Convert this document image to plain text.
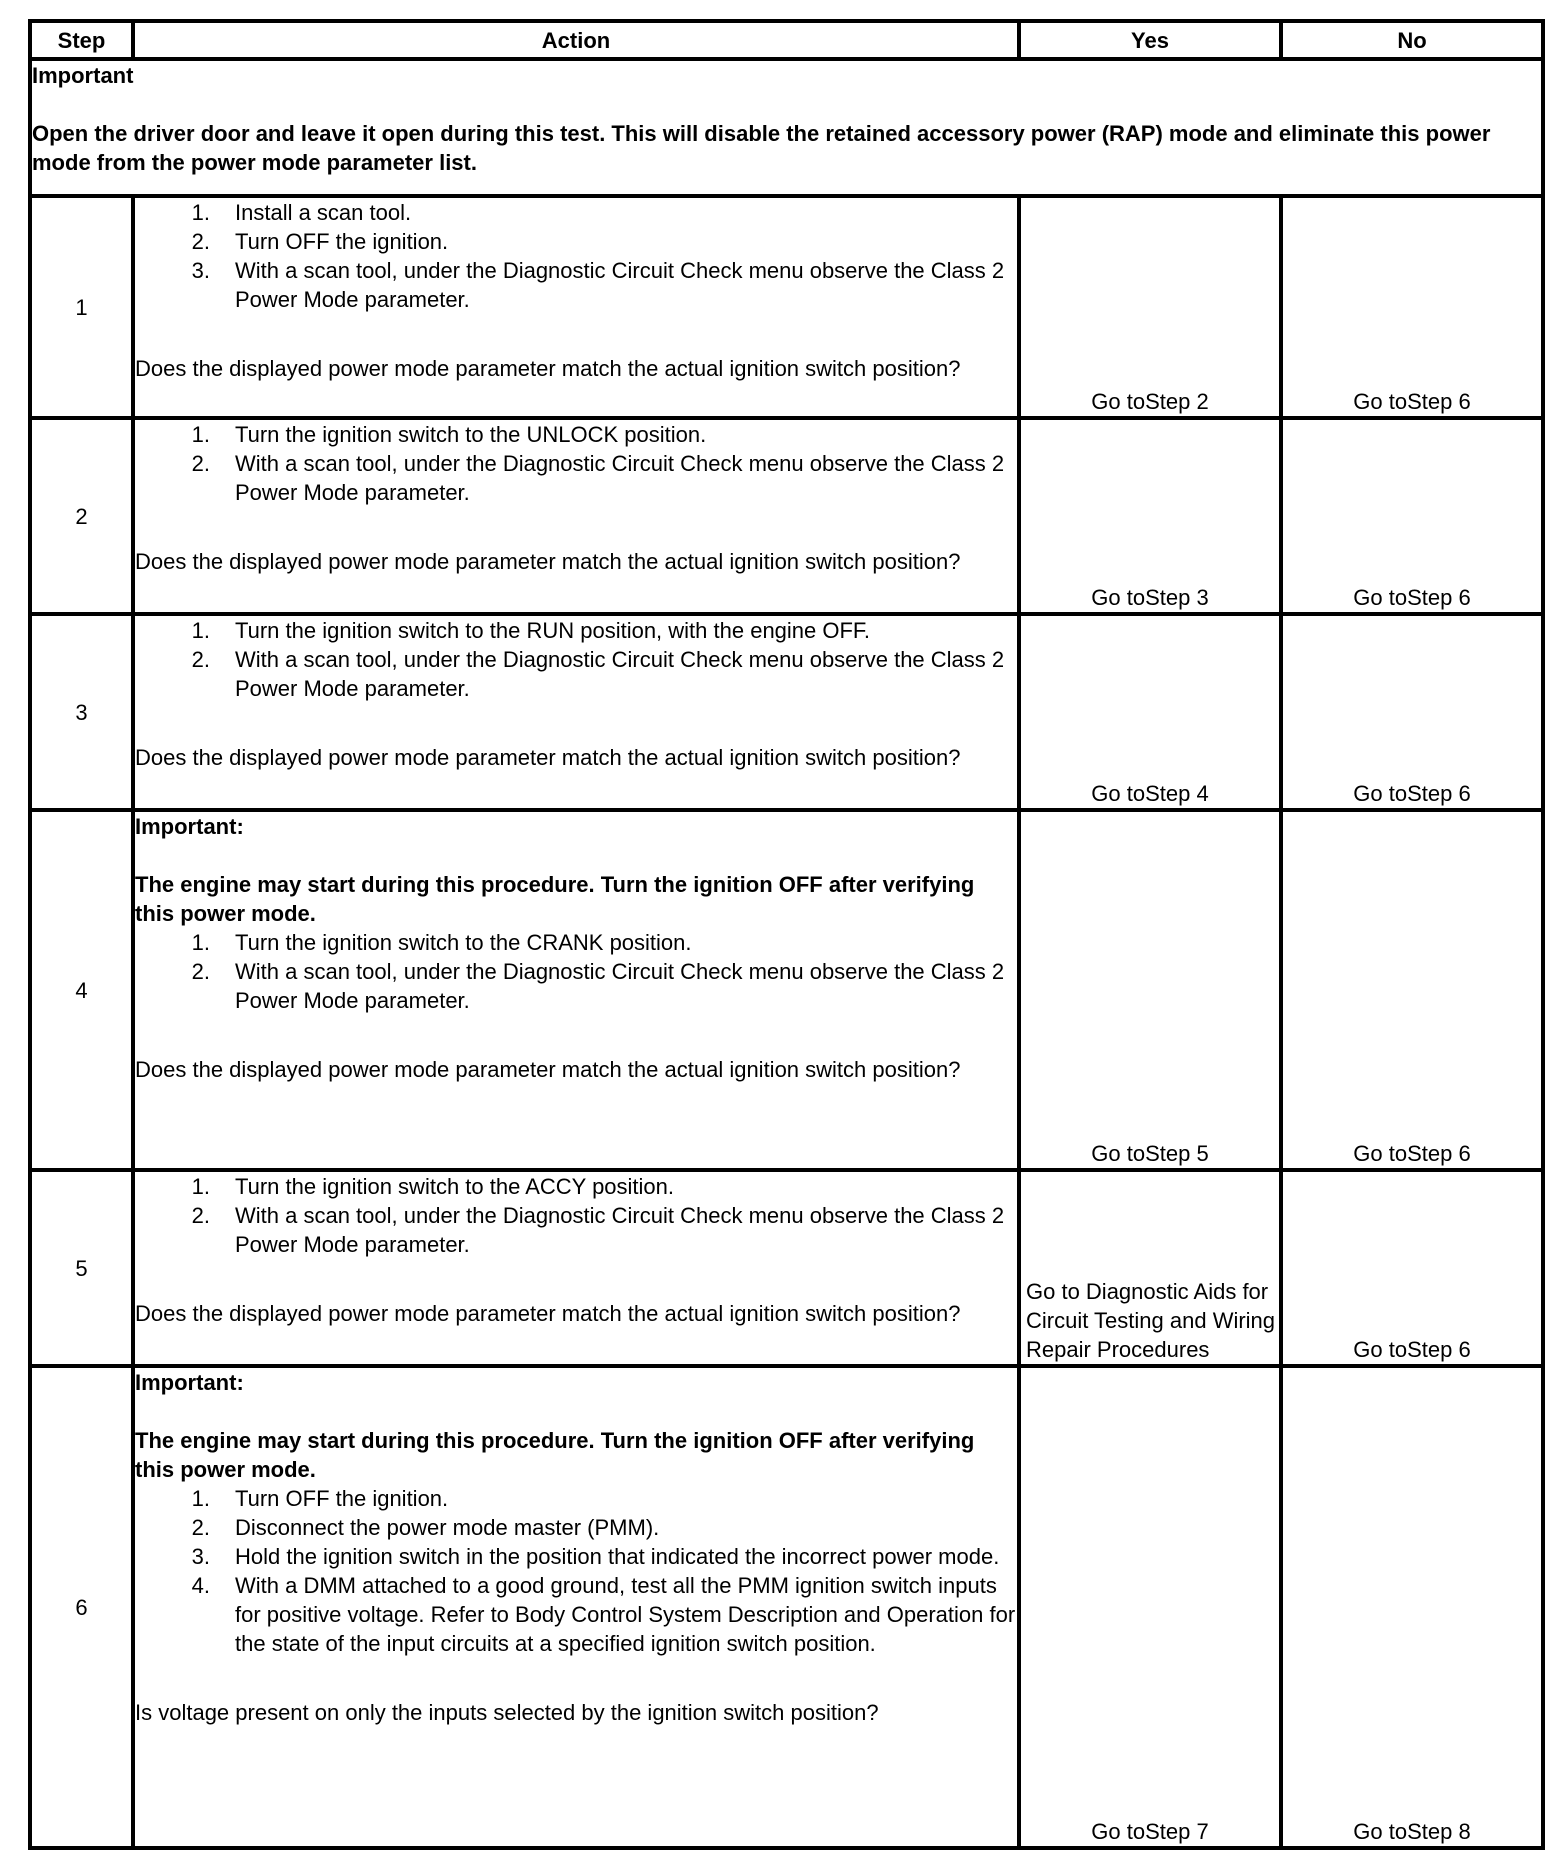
Step	Action	Yes	No

Important

Open the driver door and leave it open during this test. This will disable the retained accessory power (RAP) mode and eliminate this power mode from the power mode parameter list.			

1	
1. Install a scan tool.
2. Turn OFF the ignition.
3. With a scan tool, under the Diagnostic Circuit Check menu observe the Class 2 Power Mode parameter.
Does the displayed power mode parameter match the actual ignition switch position?
	Go toStep 2	Go toStep 6
2	
1. Turn the ignition switch to the UNLOCK position.
2. With a scan tool, under the Diagnostic Circuit Check menu observe the Class 2 Power Mode parameter.
Does the displayed power mode parameter match the actual ignition switch position?
	Go toStep 3	Go toStep 6
3	
1. Turn the ignition switch to the RUN position, with the engine OFF.
2. With a scan tool, under the Diagnostic Circuit Check menu observe the Class 2 Power Mode parameter.
Does the displayed power mode parameter match the actual ignition switch position?
	Go toStep 4	Go toStep 6
4	

Important:

The engine may start during this procedure. Turn the ignition OFF after verifying this power mode.

1. Turn the ignition switch to the CRANK position.
2. With a scan tool, under the Diagnostic Circuit Check menu observe the Class 2 Power Mode parameter.
Does the displayed power mode parameter match the actual ignition switch position?
	Go toStep 5	Go toStep 6
5	
1. Turn the ignition switch to the ACCY position.
2. With a scan tool, under the Diagnostic Circuit Check menu observe the Class 2 Power Mode parameter.
Does the displayed power mode parameter match the actual ignition switch position?
	Go to Diagnostic Aids for Circuit Testing and Wiring Repair Procedures	Go toStep 6
6	

Important:

The engine may start during this procedure. Turn the ignition OFF after verifying this power mode.

1. Turn OFF the ignition.
2. Disconnect the power mode master (PMM).
3. Hold the ignition switch in the position that indicated the incorrect power mode.
4. With a DMM attached to a good ground, test all the PMM ignition switch inputs for positive voltage. Refer to Body Control System Description and Operation for the state of the input circuits at a specified ignition switch position.
Is voltage present on only the inputs selected by the ignition switch position?
	Go toStep 7	Go toStep 8
